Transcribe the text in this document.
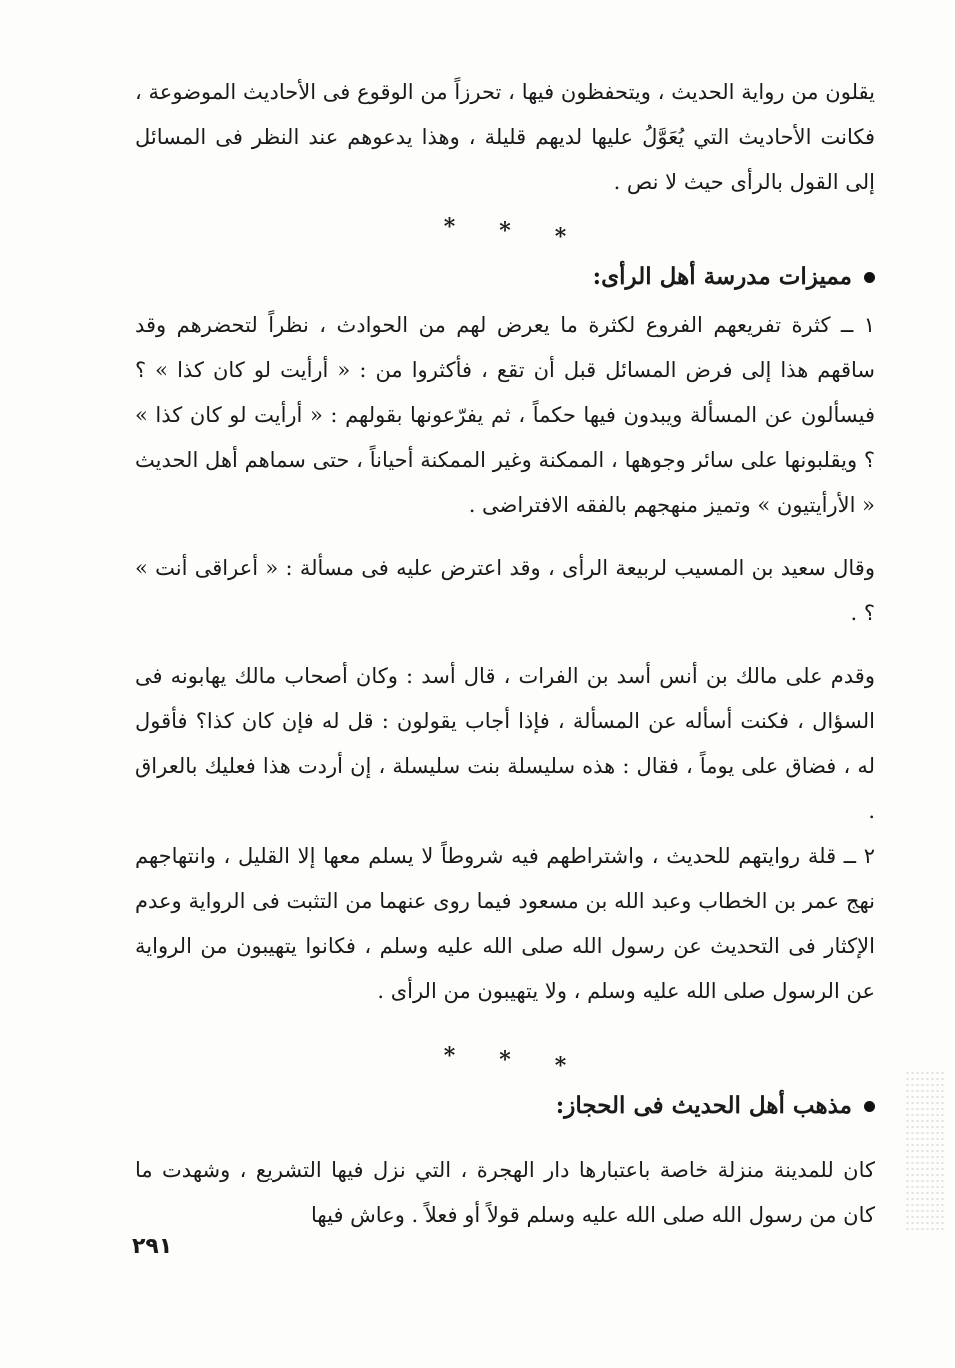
يقلون من رواية الحديث ، ويتحفظون فيها ، تحرزاً من الوقوع فى الأحاديث الموضوعة ، فكانت الأحاديث التي يُعَوَّلُ عليها لديهم قليلة ، وهذا يدعوهم عند النظر فى المسائل إلى القول بالرأى حيث لا نص .

* * *
مميزات مدرسة أهل الرأى:

١ ــ كثرة تفريعهم الفروع لكثرة ما يعرض لهم من الحوادث ، نظراً لتحضرهم وقد ساقهم هذا إلى فرض المسائل قبل أن تقع ، فأكثروا من : « أرأيت لو كان كذا » ؟فيسألون عن المسألة ويبدون فيها حكماً ، ثم يفرّعونها بقولهم : « أرأيت لو كان كذا » ؟ ويقلبونها على سائر وجوهها ، الممكنة وغير الممكنة أحياناً ، حتى سماهم أهل الحديث « الأرأيتيون » وتميز منهجهم بالفقه الافتراضى .

وقال سعيد بن المسيب لربيعة الرأى ، وقد اعترض عليه فى مسألة : « أعراقى أنت » ؟ .

وقدم على مالك بن أنس أسد بن الفرات ، قال أسد : وكان أصحاب مالك يهابونه فى السؤال ، فكنت أسأله عن المسألة ، فإذا أجاب يقولون : قل له فإن كان كذا؟ فأقول له ، فضاق على يوماً ، فقال : هذه سليسلة بنت سليسلة ، إن أردت هذا فعليك بالعراق .

٢ ــ قلة روايتهم للحديث ، واشتراطهم فيه شروطاً لا يسلم معها إلا القليل ، وانتهاجهم نهج عمر بن الخطاب وعبد الله بن مسعود فيما روى عنهما من التثبت فى الرواية وعدم الإكثار فى التحديث عن رسول الله صلى الله عليه وسلم ، فكانوا يتهيبون من الرواية عن الرسول صلى الله عليه وسلم ، ولا يتهيبون من الرأى .

* * *
مذهب أهل الحديث فى الحجاز:

كان للمدينة منزلة خاصة باعتبارها دار الهجرة ، التي نزل فيها التشريع ، وشهدت ما كان من رسول الله صلى الله عليه وسلم قولاً أو فعلاً . وعاش فيها

٢٩١
